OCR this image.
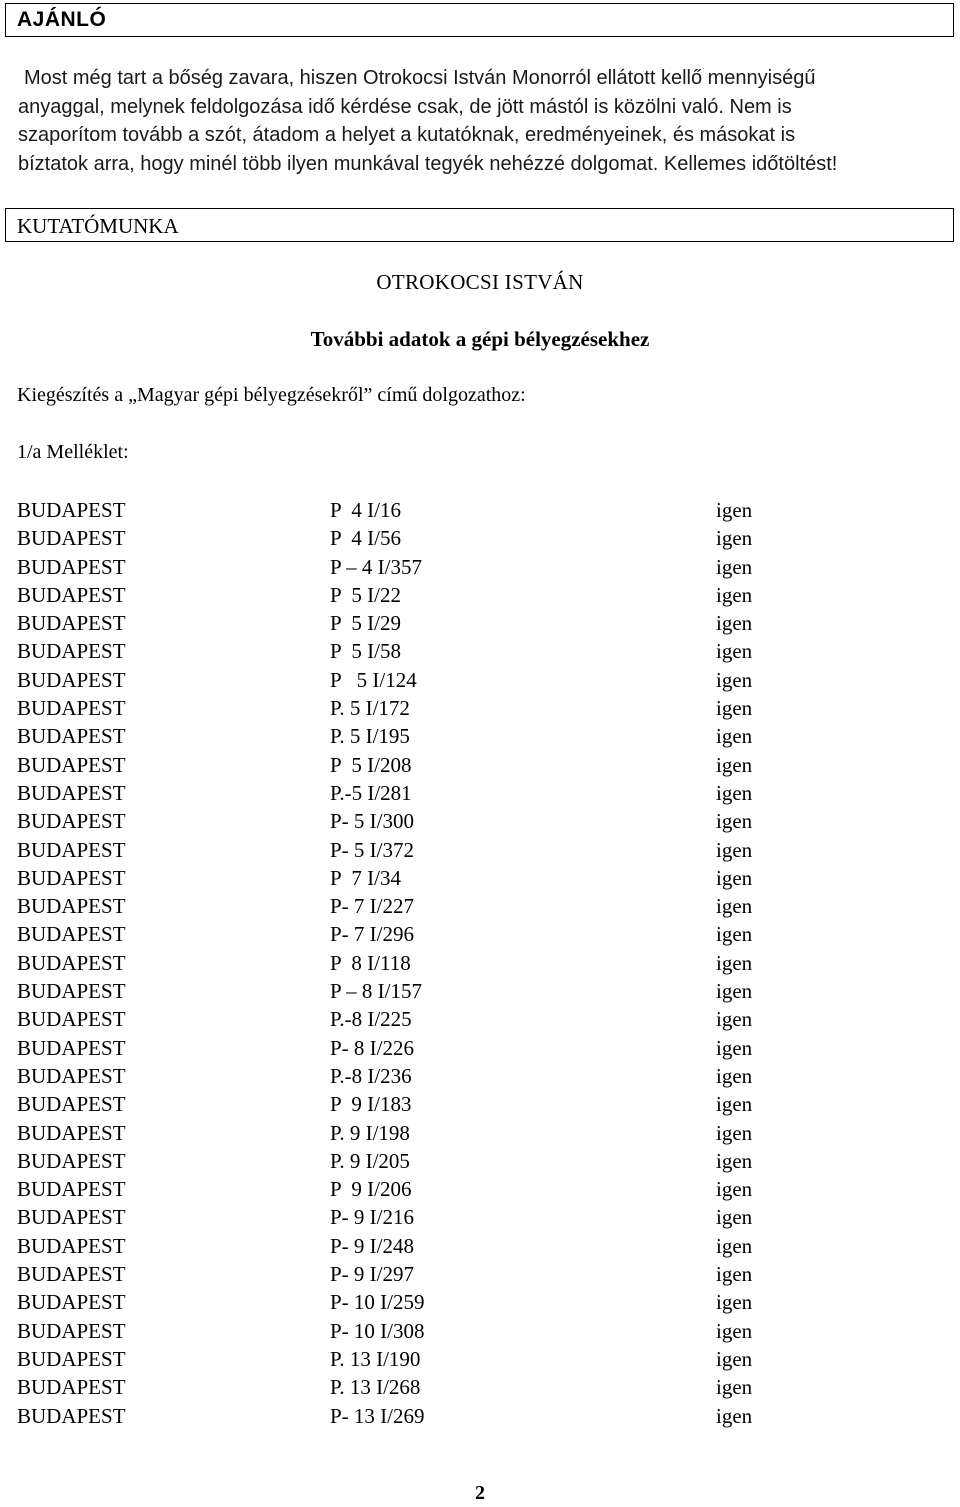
AJÁNLÓ
Most még tart a bőség zavara, hiszen Otrokocsi István Monorról ellátott kellő mennyiségű
anyaggal, melynek feldolgozása idő kérdése csak, de jött mástól is közölni való. Nem is
szaporítom tovább a szót, átadom a helyet a kutatóknak, eredményeinek, és másokat is
bíztatok arra, hogy minél több ilyen munkával tegyék nehézzé dolgomat. Kellemes időtöltést!
KUTATÓMUNKA
OTROKOCSI ISTVÁN
További adatok a gépi bélyegzésekhez
Kiegészítés a „Magyar gépi bélyegzésekről” című dolgozathoz:
1/a Melléklet:
BUDAPEST	P  4 I/16	igen
BUDAPEST	P  4 I/56	igen
BUDAPEST	P – 4 I/357	igen
BUDAPEST	P  5 I/22	igen
BUDAPEST	P  5 I/29	igen
BUDAPEST	P  5 I/58	igen
BUDAPEST	P   5 I/124	igen
BUDAPEST	P. 5 I/172	igen
BUDAPEST	P. 5 I/195	igen
BUDAPEST	P  5 I/208	igen
BUDAPEST	P.-5 I/281	igen
BUDAPEST	P- 5 I/300	igen
BUDAPEST	P- 5 I/372	igen
BUDAPEST	P  7 I/34	igen
BUDAPEST	P- 7 I/227	igen
BUDAPEST	P- 7 I/296	igen
BUDAPEST	P  8 I/118	igen
BUDAPEST	P – 8 I/157	igen
BUDAPEST	P.-8 I/225	igen
BUDAPEST	P- 8 I/226	igen
BUDAPEST	P.-8 I/236	igen
BUDAPEST	P  9 I/183	igen
BUDAPEST	P. 9 I/198	igen
BUDAPEST	P. 9 I/205	igen
BUDAPEST	P  9 I/206	igen
BUDAPEST	P- 9 I/216	igen
BUDAPEST	P- 9 I/248	igen
BUDAPEST	P- 9 I/297	igen
BUDAPEST	P- 10 I/259	igen
BUDAPEST	P- 10 I/308	igen
BUDAPEST	P. 13 I/190	igen
BUDAPEST	P. 13 I/268	igen
BUDAPEST	P- 13 I/269	igen
2
